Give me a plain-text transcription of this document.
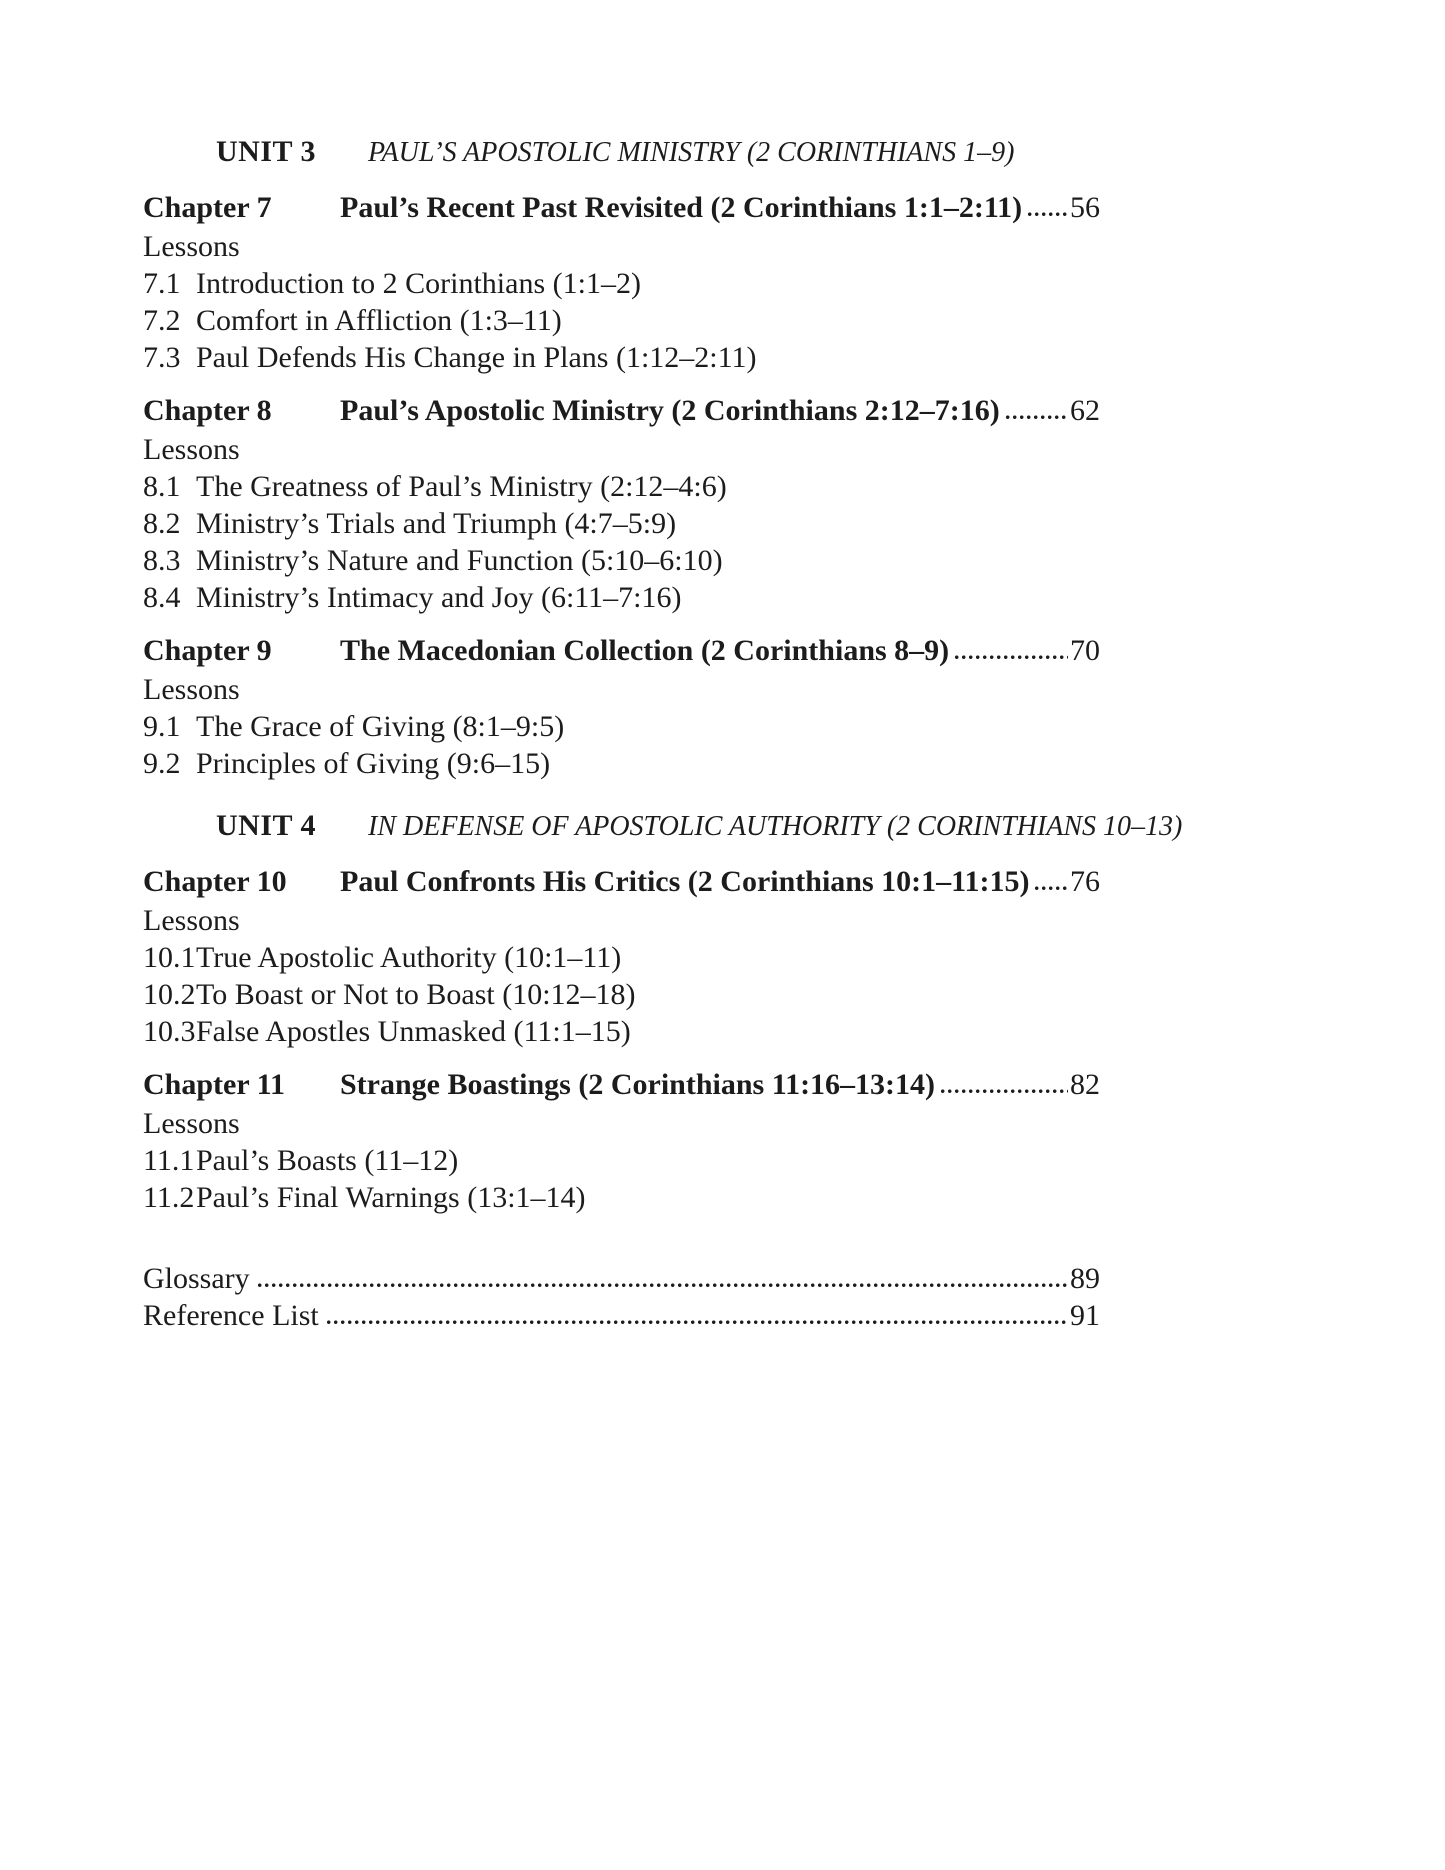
UNIT 3	PAUL’S APOSTOLIC MINISTRY (2 CORINTHIANS 1–9)
Chapter 7	Paul’s Recent Past Revisited (2 Corinthians 1:1–2:11) 56
Lessons
7.1 Introduction to 2 Corinthians (1:1–2)
7.2 Comfort in Affliction (1:3–11)
7.3 Paul Defends His Change in Plans (1:12–2:11)
Chapter 8	Paul’s Apostolic Ministry (2 Corinthians 2:12–7:16) 62
Lessons
8.1 The Greatness of Paul’s Ministry (2:12–4:6)
8.2 Ministry’s Trials and Triumph (4:7–5:9)
8.3 Ministry’s Nature and Function (5:10–6:10)
8.4 Ministry’s Intimacy and Joy (6:11–7:16)
Chapter 9	The Macedonian Collection (2 Corinthians 8–9)	70
Lessons
9.1 The Grace of Giving (8:1–9:5)
9.2 Principles of Giving (9:6–15)
UNIT 4	IN DEFENSE OF APOSTOLIC AUTHORITY (2 CORINTHIANS 10–13)
Chapter 10	Paul Confronts His Critics (2 Corinthians 10:1–11:15) 76
Lessons
10.1 True Apostolic Authority (10:1–11)
10.2 To Boast or Not to Boast (10:12–18)
10.3 False Apostles Unmasked (11:1–15)
Chapter 11	Strange Boastings (2 Corinthians 11:16–13:14)	82
Lessons
11.1 Paul’s Boasts (11–12)
11.2 Paul’s Final Warnings (13:1–14)
Glossary	89
Reference List	91
